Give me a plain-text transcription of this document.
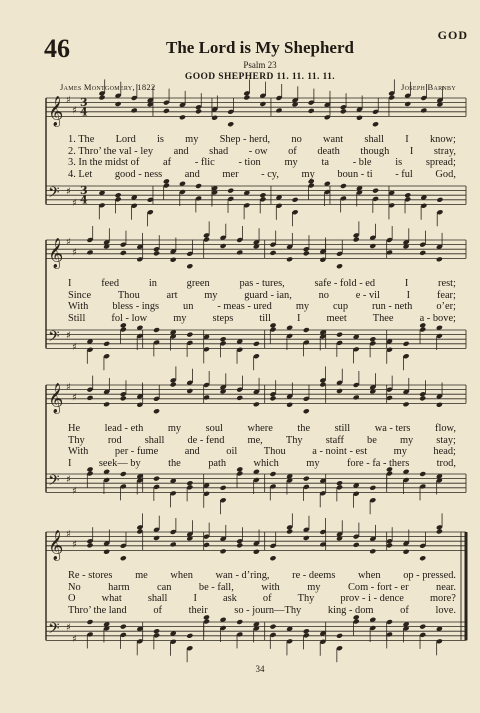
46	GOD
The Lord is My Shepherd
Psalm 23
GOOD SHEPHERD 11. 11. 11. 11.
James Montgomery, 1822	Joseph Barnby
𝄞 ♯
♯
3
4
𝄢 ♯
♯
3
4
𝄞 ♯
♯
𝄢 ♯
♯
𝄞 ♯
♯
𝄢 ♯
♯
𝄞 ♯
♯
𝄢 ♯
♯
1. The Lord is my Shep - herd, no want shall I know;
2. Thro’ the val - ley and shad - ow of death though I stray,
3. In the midst of af - flic - tion my ta - ble is spread;
4. Let good - ness and mer - cy, my boun - ti - ful God,
I	feed	in	green	pas - tures,	safe - fold - ed	I	rest;
Since	Thou	art	my	guard - ian,	no	e - vil	I	fear;
With bless - ings un - meas - ured my cup run - neth o’er;
Still	fol - low	my	steps	till	I	meet	Thee	a - bove;
He lead - eth my soul where the still wa - ters flow,
Thy rod shall de - fend me, Thy staff be my stay;
With	per - fume	and	oil	Thou	a - noint - est	my	head;
I	seek— by	the	path	which	my	fore - fa - thers	trod,
Re - stores me when wan - d’ring, re - deems when op - pressed.
No	harm	can	be - fall,	with	my	Com - fort - er	near.
O	what	shall	I	ask	of	Thy	prov - i - dence	more?
Thro’ the land	of	their	so - journ—Thy	king - dom	of	love.
34
